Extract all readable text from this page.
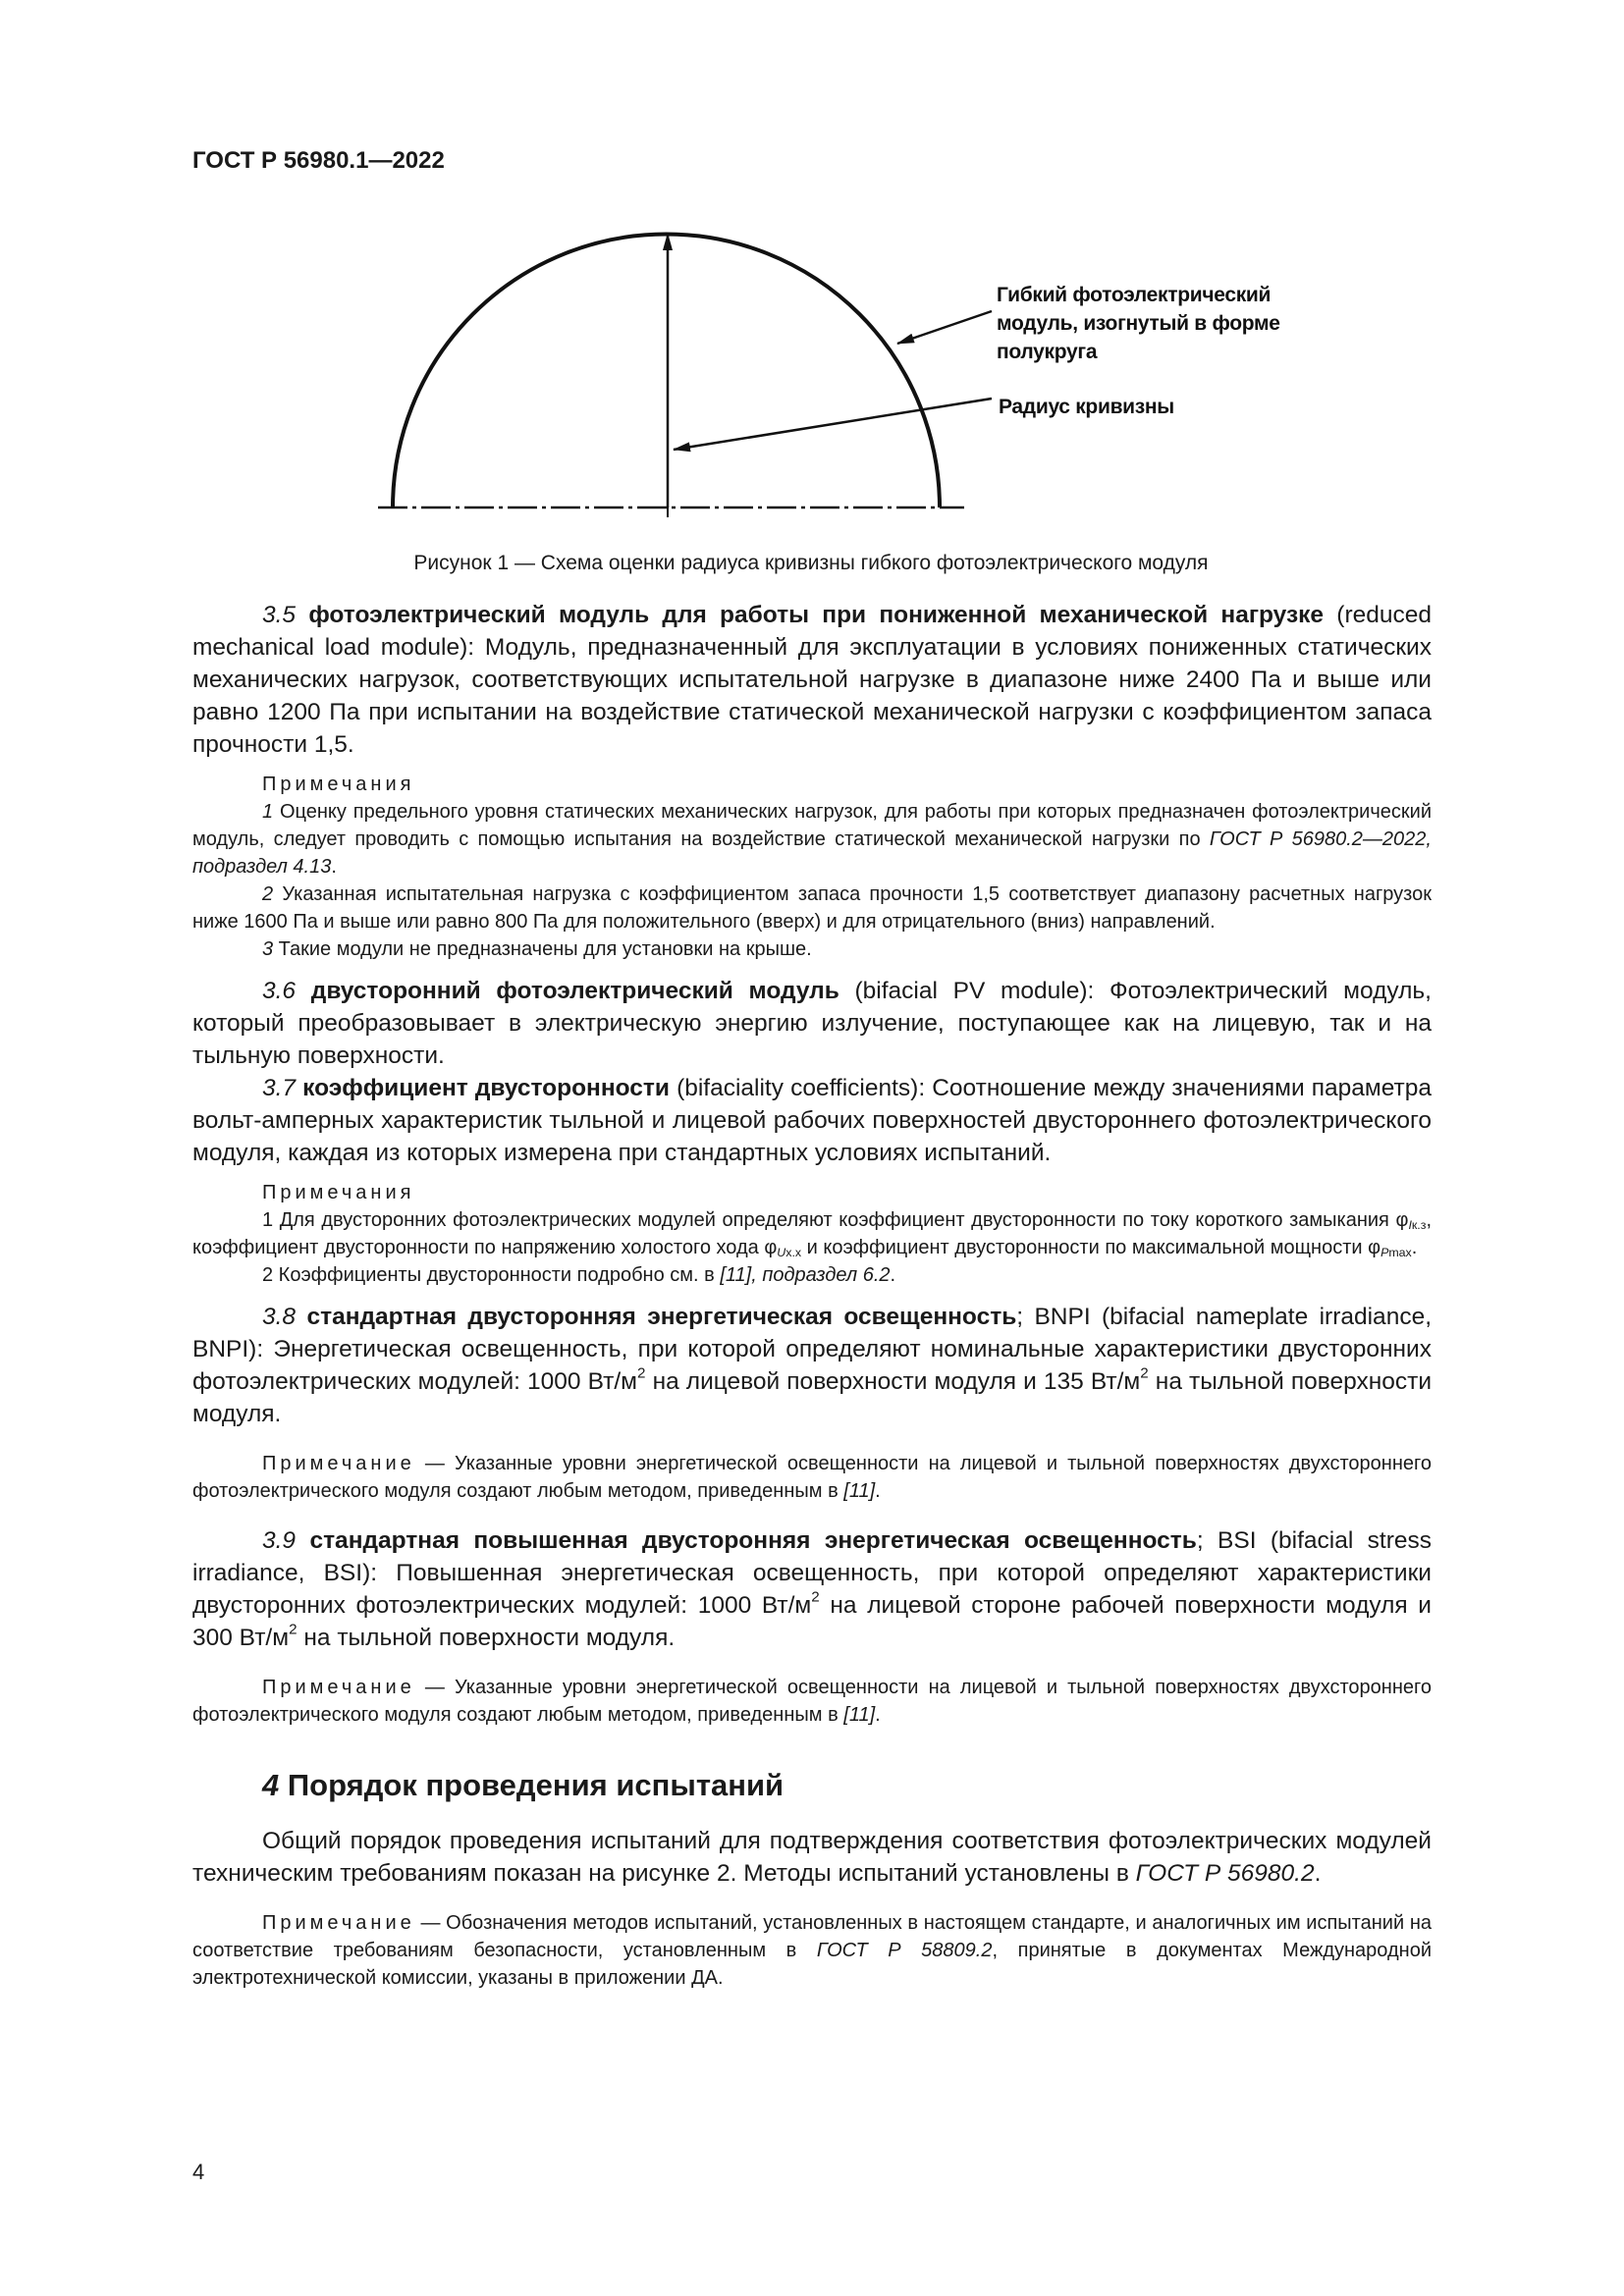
ГОСТ Р 56980.1—2022
Гибкий фотоэлектрический модуль, изогнутый в форме полукруга
Радиус кривизны
Рисунок 1 — Схема оценки радиуса кривизны гибкого фотоэлектрического модуля

3.5 фотоэлектрический модуль для работы при пониженной механической нагрузке (reduced mechanical load module): Модуль, предназначенный для эксплуатации в условиях пониженных статических механических нагрузок, соответствующих испытательной нагрузке в диапазоне ниже 2400 Па и выше или равно 1200 Па при испытании на воздействие статической механической нагрузки с коэффициентом запаса прочности 1,5.

Примечания

1 Оценку предельного уровня статических механических нагрузок, для работы при которых предназначен фотоэлектрический модуль, следует проводить с помощью испытания на воздействие статической механической нагрузки по ГОСТ Р 56980.2—2022, подраздел 4.13.

2 Указанная испытательная нагрузка с коэффициентом запаса прочности 1,5 соответствует диапазону расчетных нагрузок ниже 1600 Па и выше или равно 800 Па для положительного (вверх) и для отрицательного (вниз) направлений.

3 Такие модули не предназначены для установки на крыше.

3.6 двусторонний фотоэлектрический модуль (bifacial PV module): Фотоэлектрический модуль, который преобразовывает в электрическую энергию излучение, поступающее как на лицевую, так и на тыльную поверхности.

3.7 коэффициент двусторонности (bifaciality coefficients): Соотношение между значениями параметра вольт-амперных характеристик тыльной и лицевой рабочих поверхностей двустороннего фотоэлектрического модуля, каждая из которых измерена при стандартных условиях испытаний.

Примечания

1 Для двусторонних фотоэлектрических модулей определяют коэффициент двусторонности по току короткого замыкания $\varphi_{Iк.з}$, коэффициент двусторонности по напряжению холостого хода $\varphi_{Uх.х}$ и коэффициент двусторонности по максимальной мощности $\varphi_{Pmax}$.

2 Коэффициенты двусторонности подробно см. в [11], подраздел 6.2.

3.8 стандартная двусторонняя энергетическая освещенность; BNPI (bifacial nameplate irradiance, BNPI): Энергетическая освещенность, при которой определяют номинальные характеристики двусторонних фотоэлектрических модулей: 1000 $Вт/м^2$ на лицевой поверхности модуля и 135 $Вт/м^2$ на тыльной поверхности модуля.

Примечание — Указанные уровни энергетической освещенности на лицевой и тыльной поверхностях двухстороннего фотоэлектрического модуля создают любым методом, приведенным в [11].

3.9 стандартная повышенная двусторонняя энергетическая освещенность; BSI (bifacial stress irradiance, BSI): Повышенная энергетическая освещенность, при которой определяют характеристики двусторонних фотоэлектрических модулей: 1000 $Вт/м^2$ на лицевой стороне рабочей поверхности модуля и 300 $Вт/м^2$ на тыльной поверхности модуля.

Примечание — Указанные уровни энергетической освещенности на лицевой и тыльной поверхностях двухстороннего фотоэлектрического модуля создают любым методом, приведенным в [11].

4 Порядок проведения испытаний

Общий порядок проведения испытаний для подтверждения соответствия фотоэлектрических модулей техническим требованиям показан на рисунке 2. Методы испытаний установлены в ГОСТ Р 56980.2.

Примечание — Обозначения методов испытаний, установленных в настоящем стандарте, и аналогичных им испытаний на соответствие требованиям безопасности, установленным в ГОСТ Р 58809.2, принятые в документах Международной электротехнической комиссии, указаны в приложении ДА.

4
